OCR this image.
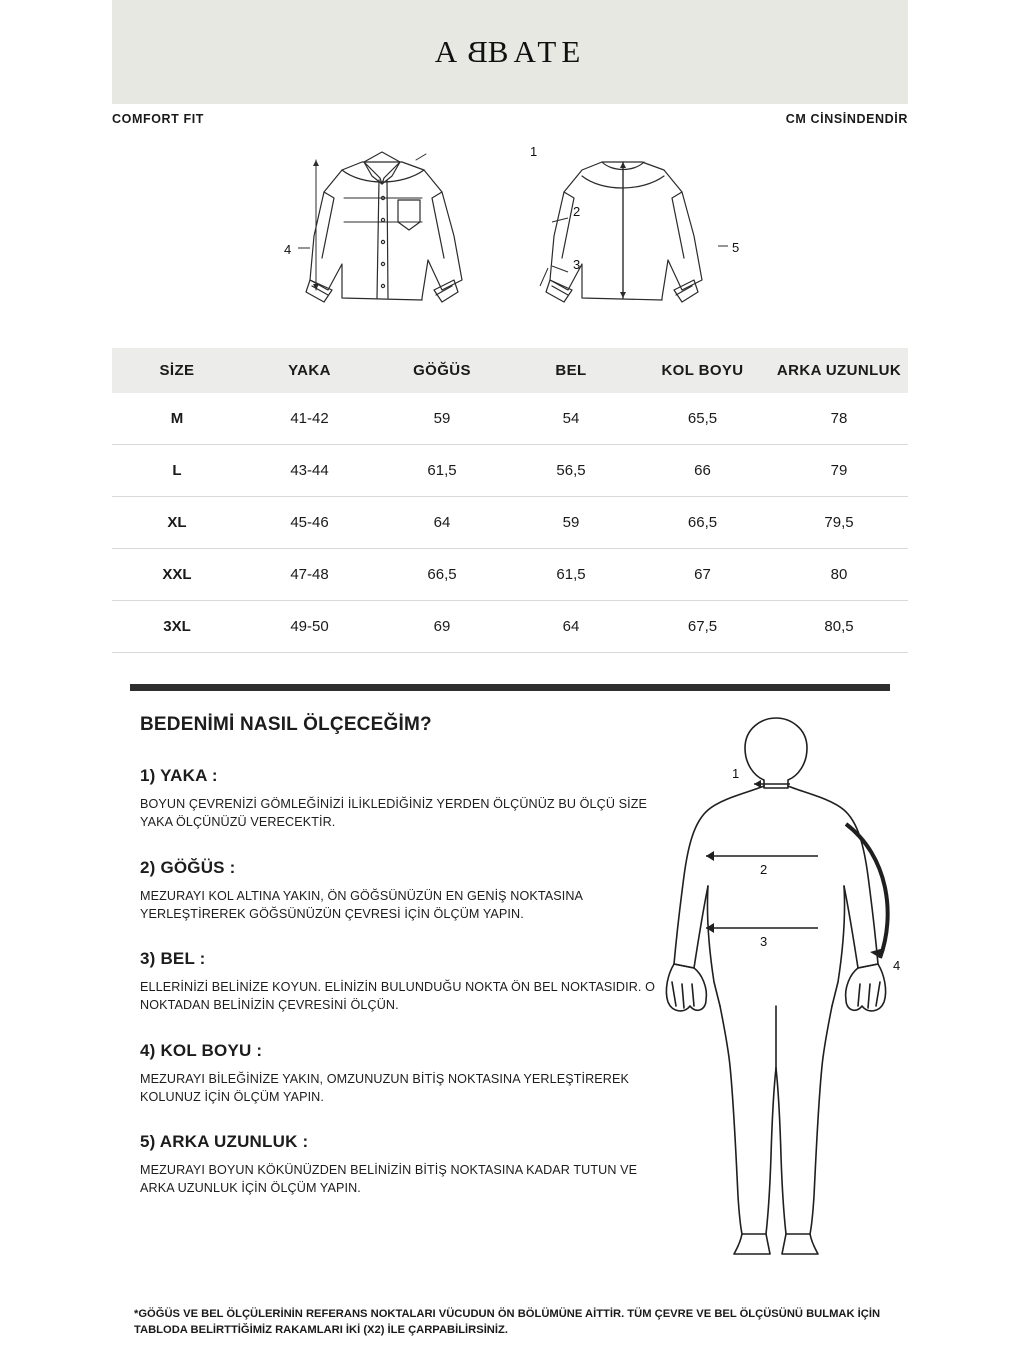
ABBATE
COMFORT FIT	CM CİNSİNDENDİR
1
2
3
4	5
SİZE	YAKA	GÖĞÜS	BEL	KOL BOYU	ARKA UZUNLUK
M	41-42	59	54	65,5	78
L	43-44	61,5	56,5	66	79
XL	45-46	64	59	66,5	79,5
XXL	47-48	66,5	61,5	67	80
3XL	49-50	69	64	67,5	80,5
BEDENİMİ NASIL ÖLÇECEĞİM?

1) YAKA :

BOYUN ÇEVRENİZİ GÖMLEĞİNİZİ İLİKLEDİĞİNİZ YERDEN ÖLÇÜNÜZ BU ÖLÇÜ SİZE YAKA ÖLÇÜNÜZÜ VERECEKTİR.

2) GÖĞÜS :

MEZURAYI KOL ALTINA YAKIN, ÖN GÖĞSÜNÜZÜN EN GENİŞ NOKTASINA YERLEŞTİREREK GÖĞSÜNÜZÜN ÇEVRESİ İÇİN ÖLÇÜM YAPIN.

3) BEL :

ELLERİNİZİ BELİNİZE KOYUN. ELİNİZİN BULUNDUĞU NOKTA ÖN BEL NOKTASIDIR. O NOKTADAN BELİNİZİN ÇEVRESİNİ ÖLÇÜN.

4) KOL BOYU :

MEZURAYI BİLEĞİNİZE YAKIN, OMZUNUZUN BİTİŞ NOKTASINA YERLEŞTİREREK KOLUNUZ İÇİN ÖLÇÜM YAPIN.

5) ARKA UZUNLUK :

MEZURAYI BOYUN KÖKÜNÜZDEN BELİNİZİN BİTİŞ NOKTASINA KADAR TUTUN VE ARKA UZUNLUK İÇİN ÖLÇÜM YAPIN.

1
2
3
4
*GÖĞÜS VE BEL ÖLÇÜLERİNİN REFERANS NOKTALARI VÜCUDUN ÖN BÖLÜMÜNE AİTTİR. TÜM ÇEVRE VE BEL ÖLÇÜSÜNÜ BULMAK İÇİN TABLODA BELİRTTİĞİMİZ RAKAMLARI İKİ (X2) İLE ÇARPABİLİRSİNİZ.
